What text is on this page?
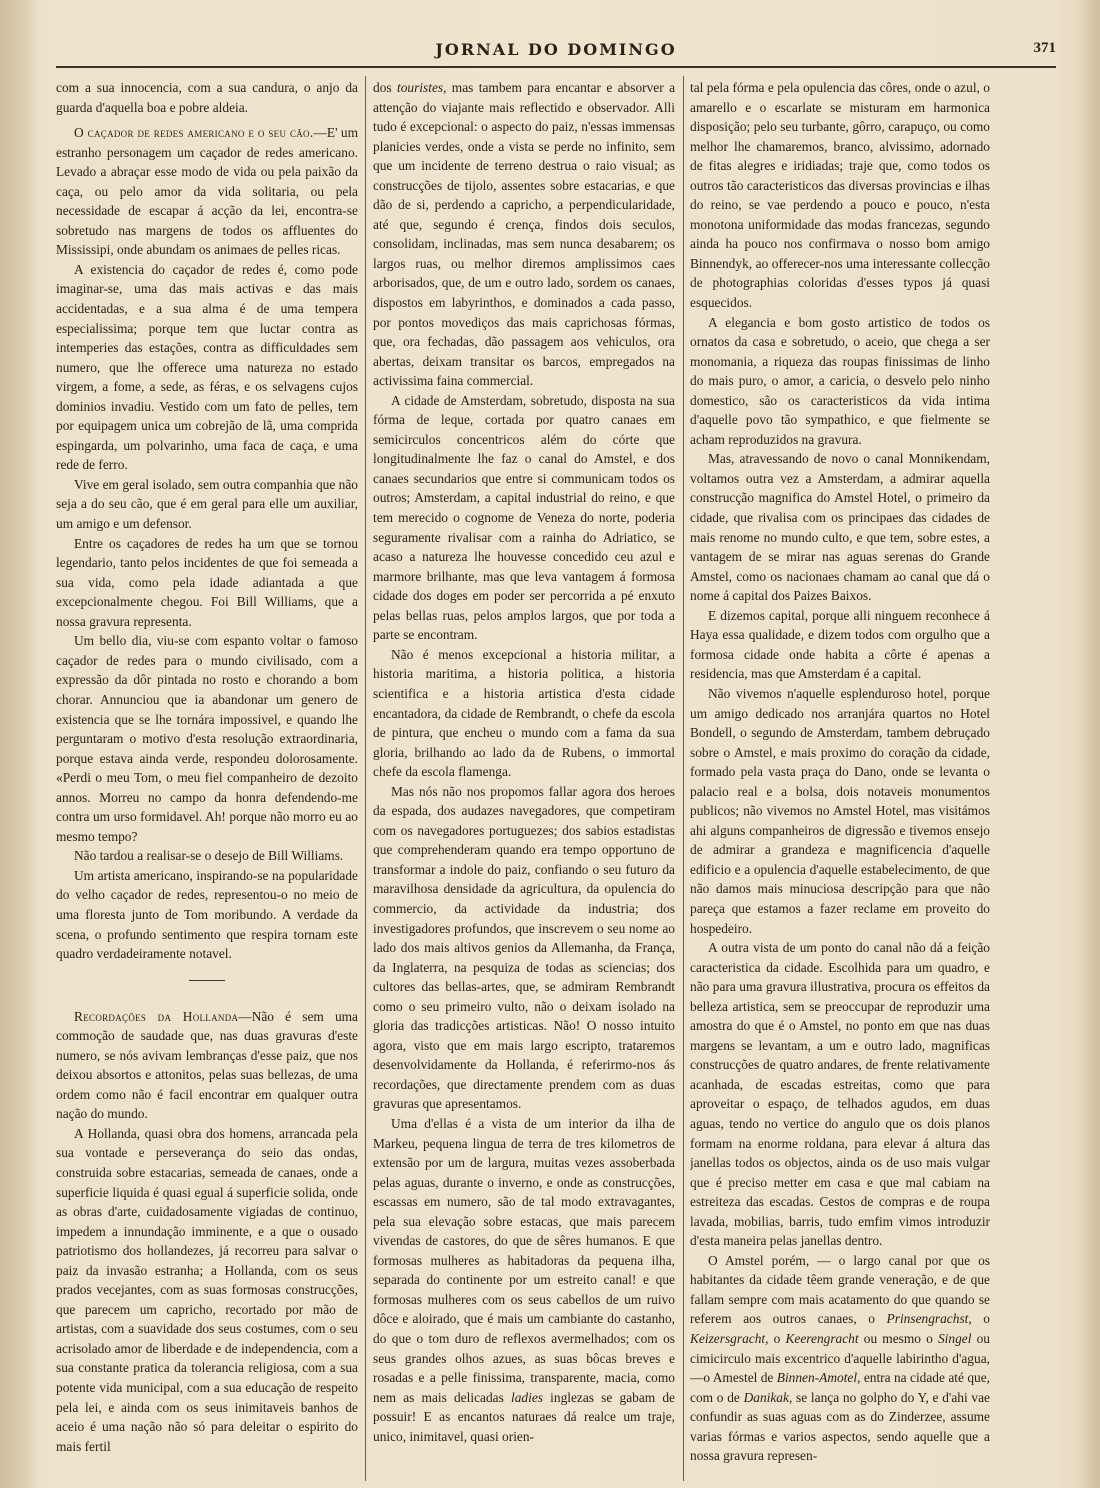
JORNAL DO DOMINGO	371

com a sua innocencia, com a sua candura, o anjo da guarda d'aquella boa e pobre aldeia.

O caçador de redes americano e o seu cão.—E' um estranho personagem um caçador de redes americano. Levado a abraçar esse modo de vida ou pela paixão da caça, ou pelo amor da vida solitaria, ou pela necessidade de escapar á acção da lei, encontra-se sobretudo nas margens de todos os affluentes do Mississipi, onde abundam os animaes de pelles ricas.

A existencia do caçador de redes é, como pode imaginar-se, uma das mais activas e das mais accidentadas, e a sua alma é de uma tempera especialissima; porque tem que luctar contra as intemperies das estações, contra as difficuldades sem numero, que lhe offerece uma natureza no estado virgem, a fome, a sede, as féras, e os selvagens cujos dominios invadiu. Vestido com um fato de pelles, tem por equipagem unica um cobrejão de lã, uma comprida espingarda, um polvarinho, uma faca de caça, e uma rede de ferro.

Vive em geral isolado, sem outra companhia que não seja a do seu cão, que é em geral para elle um auxiliar, um amigo e um defensor.

Entre os caçadores de redes ha um que se tornou legendario, tanto pelos incidentes de que foi semeada a sua vida, como pela idade adiantada a que excepcionalmente chegou. Foi Bill Williams, que a nossa gravura representa.

Um bello dia, viu-se com espanto voltar o famoso caçador de redes para o mundo civilisado, com a expressão da dôr pintada no rosto e chorando a bom chorar. Annunciou que ia abandonar um genero de existencia que se lhe tornára impossivel, e quando lhe perguntaram o motivo d'esta resolução extraordinaria, porque estava ainda verde, respondeu dolorosamente. «Perdi o meu Tom, o meu fiel companheiro de dezoito annos. Morreu no campo da honra defendendo-me contra um urso formidavel. Ah! porque não morro eu ao mesmo tempo?

Não tardou a realisar-se o desejo de Bill Williams.

Um artista americano, inspirando-se na popularidade do velho caçador de redes, representou-o no meio de uma floresta junto de Tom moribundo. A verdade da scena, o profundo sentimento que respira tornam este quadro verdadeiramente notavel.

Recordações da Hollanda—Não é sem uma commoção de saudade que, nas duas gravuras d'este numero, se nós avivam lembranças d'esse paiz, que nos deixou absortos e attonitos, pelas suas bellezas, de uma ordem como não é facil encontrar em qualquer outra nação do mundo.

A Hollanda, quasi obra dos homens, arrancada pela sua vontade e perseverança do seio das ondas, construida sobre estacarias, semeada de canaes, onde a superficie liquida é quasi egual á superficie solida, onde as obras d'arte, cuidadosamente vigiadas de continuo, impedem a innundação imminente, e a que o ousado patriotismo dos hollandezes, já recorreu para salvar o paiz da invasão estranha; a Hollanda, com os seus prados vecejantes, com as suas formosas construcções, que parecem um capricho, recortado por mão de artistas, com a suavidade dos seus costumes, com o seu acrisolado amor de liberdade e de independencia, com a sua constante pratica da tolerancia religiosa, com a sua potente vida municipal, com a sua educação de respeito pela lei, e ainda com os seus inimitaveis banhos de aceio é uma nação não só para deleitar o espirito do mais fertil

dos touristes, mas tambem para encantar e absorver a attenção do viajante mais reflectido e observador. Alli tudo é excepcional: o aspecto do paiz, n'essas immensas planicies verdes, onde a vista se perde no infinito, sem que um incidente de terreno destrua o raio visual; as construcções de tijolo, assentes sobre estacarias, e que dão de si, perdendo a capricho, a perpendicularidade, até que, segundo é crença, findos dois seculos, consolidam, inclinadas, mas sem nunca desabarem; os largos ruas, ou melhor diremos amplissimos caes arborisados, que, de um e outro lado, sordem os canaes, dispostos em labyrinthos, e dominados a cada passo, por pontos movediços das mais caprichosas fórmas, que, ora fechadas, dão passagem aos vehiculos, ora abertas, deixam transitar os barcos, empregados na activissima faina commercial.

A cidade de Amsterdam, sobretudo, disposta na sua fórma de leque, cortada por quatro canaes em semicirculos concentricos além do córte que longitudinalmente lhe faz o canal do Amstel, e dos canaes secundarios que entre si communicam todos os outros; Amsterdam, a capital industrial do reino, e que tem merecido o cognome de Veneza do norte, poderia seguramente rivalisar com a rainha do Adriatico, se acaso a natureza lhe houvesse concedido ceu azul e marmore brilhante, mas que leva vantagem á formosa cidade dos doges em poder ser percorrida a pé enxuto pelas bellas ruas, pelos amplos largos, que por toda a parte se encontram.

Não é menos excepcional a historia militar, a historia maritima, a historia politica, a historia scientifica e a historia artistica d'esta cidade encantadora, da cidade de Rembrandt, o chefe da escola de pintura, que encheu o mundo com a fama da sua gloria, brilhando ao lado da de Rubens, o immortal chefe da escola flamenga.

Mas nós não nos propomos fallar agora dos heroes da espada, dos audazes navegadores, que competiram com os navegadores portuguezes; dos sabios estadistas que comprehenderam quando era tempo opportuno de transformar a indole do paiz, confiando o seu futuro da maravilhosa densidade da agricultura, da opulencia do commercio, da actividade da industria; dos investigadores profundos, que inscrevem o seu nome ao lado dos mais altivos genios da Allemanha, da França, da Inglaterra, na pesquiza de todas as sciencias; dos cultores das bellas-artes, que, se admiram Rembrandt como o seu primeiro vulto, não o deixam isolado na gloria das tradicções artisticas. Não! O nosso intuito agora, visto que em mais largo escripto, trataremos desenvolvidamente da Hollanda, é referirmo-nos ás recordações, que directamente prendem com as duas gravuras que apresentamos.

Uma d'ellas é a vista de um interior da ilha de Markeu, pequena lingua de terra de tres kilometros de extensão por um de largura, muitas vezes assoberbada pelas aguas, durante o inverno, e onde as construcções, escassas em numero, são de tal modo extravagantes, pela sua elevação sobre estacas, que mais parecem vivendas de castores, do que de sêres humanos. E que formosas mulheres as habitadoras da pequena ilha, separada do continente por um estreito canal! e que formosas mulheres com os seus cabellos de um ruivo dôce e aloirado, que é mais um cambiante do castanho, do que o tom duro de reflexos avermelhados; com os seus grandes olhos azues, as suas bôcas breves e rosadas e a pelle finissima, transparente, macia, como nem as mais delicadas ladies inglezas se gabam de possuir! E as encantos naturaes dá realce um traje, unico, inimitavel, quasi orien-

tal pela fórma e pela opulencia das côres, onde o azul, o amarello e o escarlate se misturam em harmonica disposição; pelo seu turbante, gôrro, carapuço, ou como melhor lhe chamaremos, branco, alvissimo, adornado de fitas alegres e iridiadas; traje que, como todos os outros tão caracteristicos das diversas provincias e ilhas do reino, se vae perdendo a pouco e pouco, n'esta monotona uniformidade das modas francezas, segundo ainda ha pouco nos confirmava o nosso bom amigo Binnendyk, ao offerecer-nos uma interessante collecção de photographias coloridas d'esses typos já quasi esquecidos.

A elegancia e bom gosto artistico de todos os ornatos da casa e sobretudo, o aceio, que chega a ser monomania, a riqueza das roupas finissimas de linho do mais puro, o amor, a caricia, o desvelo pelo ninho domestico, são os caracteristicos da vida intima d'aquelle povo tão sympathico, e que fielmente se acham reproduzidos na gravura.

Mas, atravessando de novo o canal Monnikendam, voltamos outra vez a Amsterdam, a admirar aquella construcção magnifica do Amstel Hotel, o primeiro da cidade, que rivalisa com os principaes das cidades de mais renome no mundo culto, e que tem, sobre estes, a vantagem de se mirar nas aguas serenas do Grande Amstel, como os nacionaes chamam ao canal que dá o nome á capital dos Paizes Baixos.

E dizemos capital, porque alli ninguem reconhece á Haya essa qualidade, e dizem todos com orgulho que a formosa cidade onde habita a côrte é apenas a residencia, mas que Amsterdam é a capital.

Não vivemos n'aquelle esplenduroso hotel, porque um amigo dedicado nos arranjára quartos no Hotel Bondell, o segundo de Amsterdam, tambem debruçado sobre o Amstel, e mais proximo do coração da cidade, formado pela vasta praça do Dano, onde se levanta o palacio real e a bolsa, dois notaveis monumentos publicos; não vivemos no Amstel Hotel, mas visitámos ahi alguns companheiros de digressão e tivemos ensejo de admirar a grandeza e magnificencia d'aquelle edificio e a opulencia d'aquelle estabelecimento, de que não damos mais minuciosa descripção para que não pareça que estamos a fazer reclame em proveito do hospedeiro.

A outra vista de um ponto do canal não dá a feição caracteristica da cidade. Escolhida para um quadro, e não para uma gravura illustrativa, procura os effeitos da belleza artistica, sem se preoccupar de reproduzir uma amostra do que é o Amstel, no ponto em que nas duas margens se levantam, a um e outro lado, magnificas construcções de quatro andares, de frente relativamente acanhada, de escadas estreitas, como que para aproveitar o espaço, de telhados agudos, em duas aguas, tendo no vertice do angulo que os dois planos formam na enorme roldana, para elevar á altura das janellas todos os objectos, ainda os de uso mais vulgar que é preciso metter em casa e que mal cabiam na estreiteza das escadas. Cestos de compras e de roupa lavada, mobilias, barris, tudo emfim vimos introduzir d'esta maneira pelas janellas dentro.

O Amstel porém, — o largo canal por que os habitantes da cidade têem grande veneração, e de que fallam sempre com mais acatamento do que quando se referem aos outros canaes, o Prinsengrachst, o Keizersgracht, o Keerengracht ou mesmo o Singel ou cimicirculo mais excentrico d'aquelle labirintho d'agua,—o Amestel de Binnen-Amotel, entra na cidade até que, com o de Danikak, se lança no golpho do Y, e d'ahi vae confundir as suas aguas com as do Zinderzee, assume varias fórmas e varios aspectos, sendo aquelle que a nossa gravura represen-
